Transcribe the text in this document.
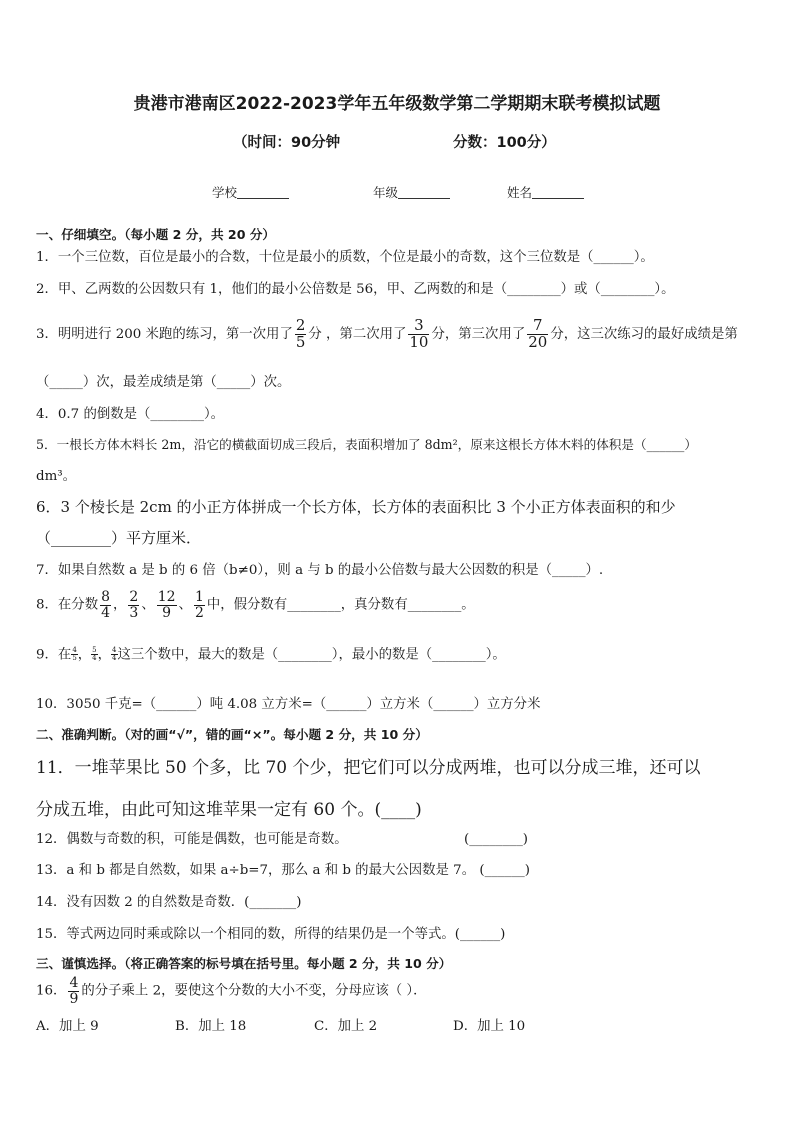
贵港市港南区2022-2023学年五年级数学第二学期期末联考模拟试题
（时间：90分钟	分数：100分）
学校	年级	姓名
一、仔细填空。（每小题 2 分，共 20 分）
1．一个三位数，百位是最小的合数，十位是最小的质数，个位是最小的奇数，这个三位数是（______）。
2．甲、乙两数的公因数只有 1，他们的最小公倍数是 56，甲、乙两数的和是（________）或（________）。
3．明明进行 200 米跑的练习，第一次用了 $\frac{2}{5}$ 分 ，第二次用了 $\frac{3}{10}$ 分，第三次用了 $\frac{7}{20}$ 分，这三次练习的最好成绩是第
（_____）次，最差成绩是第（_____）次。
4．0.7 的倒数是（________）。
5．一根长方体木料长 2m，沿它的横截面切成三段后，表面积增加了 8dm²，原来这根长方体木料的体积是（______）
dm³。
6．3 个棱长是 2cm 的小正方体拼成一个长方体，长方体的表面积比 3 个小正方体表面积的和少
（________）平方厘米．
7．如果自然数 a 是 b 的 6 倍（b≠0），则 a 与 b 的最小公倍数与最大公因数的积是（_____）.
8．在分数 $\frac{8}{4}$ ， $\frac{2}{3}$ 、 $\frac{12}{9}$ 、 $\frac{1}{2}$ 中，假分数有________，真分数有________。
9．在 $\frac{4}{5}$ ， $\frac{5}{4}$ ， $\frac{4}{4}$ 这三个数中，最大的数是（________），最小的数是（________）。
10．3050 千克=（______）吨 4.08 立方米=（______）立方米（______）立方分米
二、准确判断。（对的画“√”，错的画“×”。每小题 2 分，共 10 分）
11．一堆苹果比 50 个多，比 70 个少，把它们可以分成两堆，也可以分成三堆，还可以
分成五堆，由此可知这堆苹果一定有 60 个。(____)
12．偶数与奇数的积，可能是偶数，也可能是奇数。	(________)
13．a 和 b 都是自然数，如果 a÷b=7，那么 a 和 b 的最大公因数是 7。 (______)
14．没有因数 2 的自然数是奇数．(_______)
15．等式两边同时乘或除以一个相同的数，所得的结果仍是一个等式。(______)
三、谨慎选择。（将正确答案的标号填在括号里。每小题 2 分，共 10 分）
16． $\frac{4}{9}$ 的分子乘上 2，要使这个分数的大小不变，分母应该（ ）．
A．加上 9	B．加上 18	C．加上 2	D．加上 10
